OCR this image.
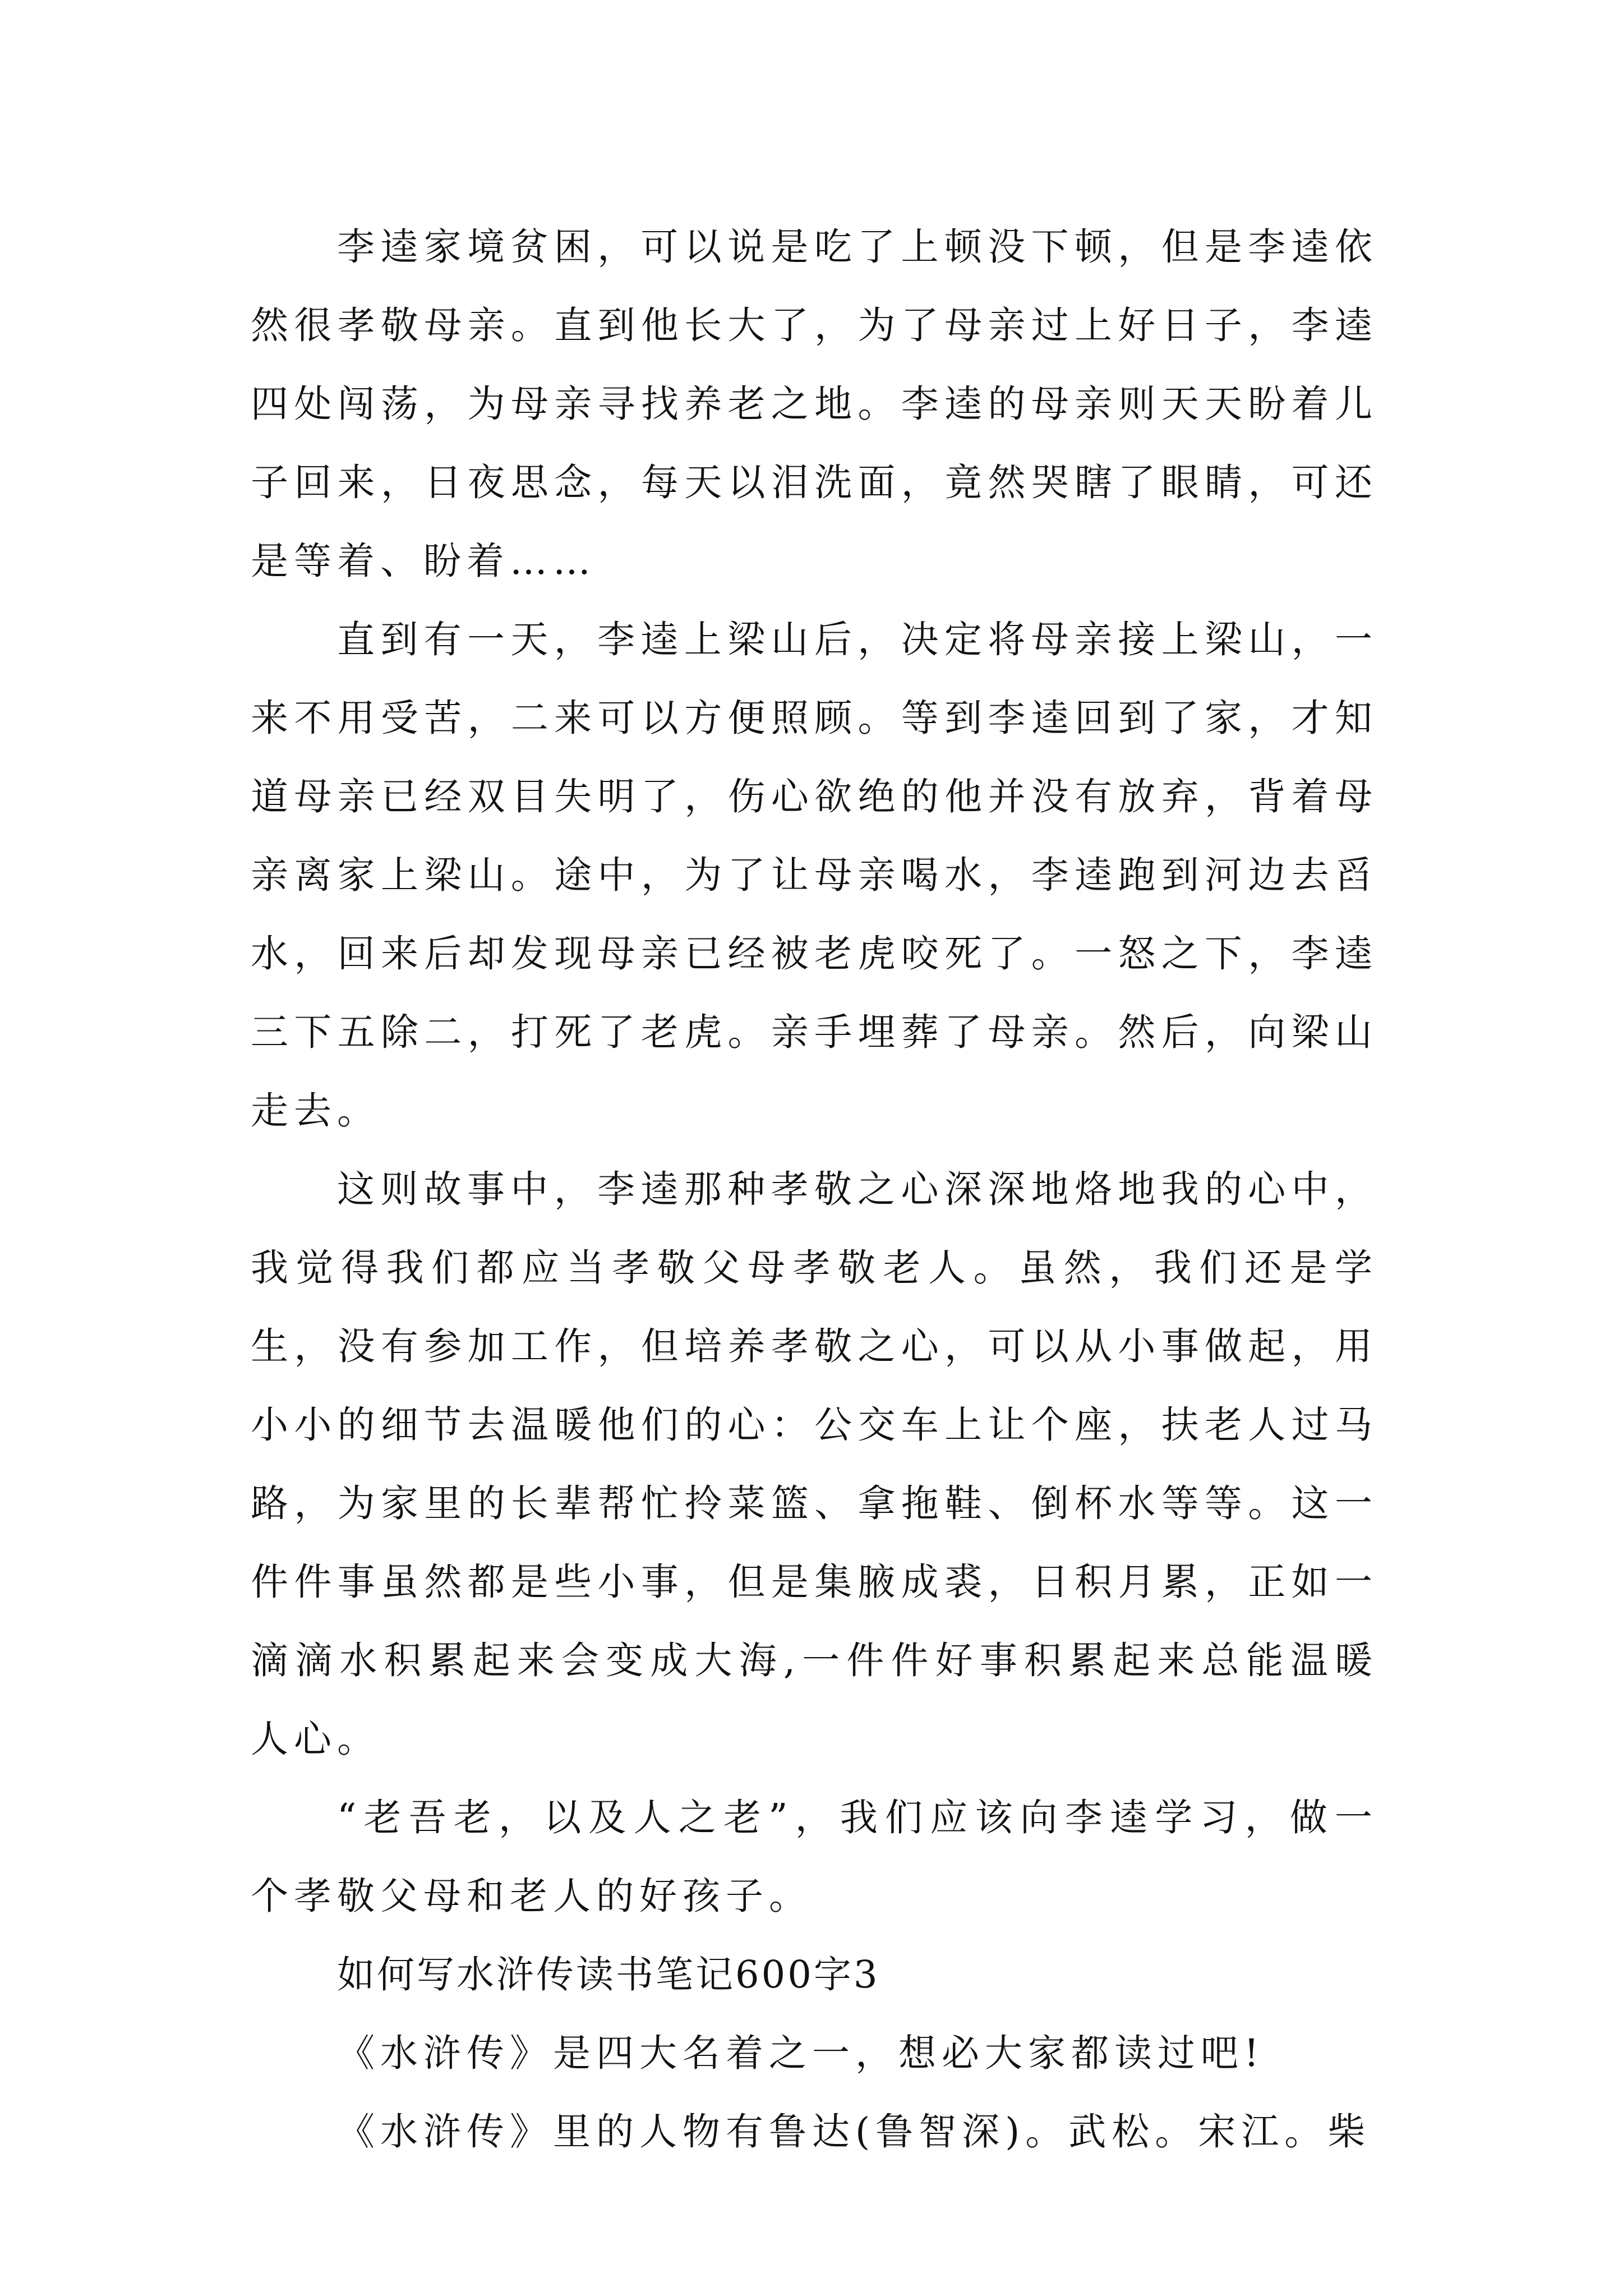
李逵家境贫困，可以说是吃了上顿没下顿，但是李逵依然很孝敬母亲。直到他长大了，为了母亲过上好日子，李逵四处闯荡，为母亲寻找养老之地。李逵的母亲则天天盼着儿子回来，日夜思念，每天以泪洗面，竟然哭瞎了眼睛，可还是等着、盼着……

直到有一天，李逵上梁山后，决定将母亲接上梁山，一来不用受苦，二来可以方便照顾。等到李逵回到了家，才知道母亲已经双目失明了，伤心欲绝的他并没有放弃，背着母亲离家上梁山。途中，为了让母亲喝水，李逵跑到河边去舀水，回来后却发现母亲已经被老虎咬死了。一怒之下，李逵三下五除二，打死了老虎。亲手埋葬了母亲。然后，向梁山走去。

这则故事中，李逵那种孝敬之心深深地烙地我的心中，我觉得我们都应当孝敬父母孝敬老人。虽然，我们还是学生，没有参加工作，但培养孝敬之心，可以从小事做起，用小小的细节去温暖他们的心：公交车上让个座，扶老人过马路，为家里的长辈帮忙拎菜篮、拿拖鞋、倒杯水等等。这一件件事虽然都是些小事，但是集腋成裘，日积月累，正如一滴滴水积累起来会变成大海,一件件好事积累起来总能温暖人心。

“老吾老，以及人之老”，我们应该向李逵学习，做一个孝敬父母和老人的好孩子。

如何写水浒传读书笔记600字3

《水浒传》是四大名着之一，想必大家都读过吧!

《水浒传》里的人物有鲁达(鲁智深)。武松。宋江。柴
